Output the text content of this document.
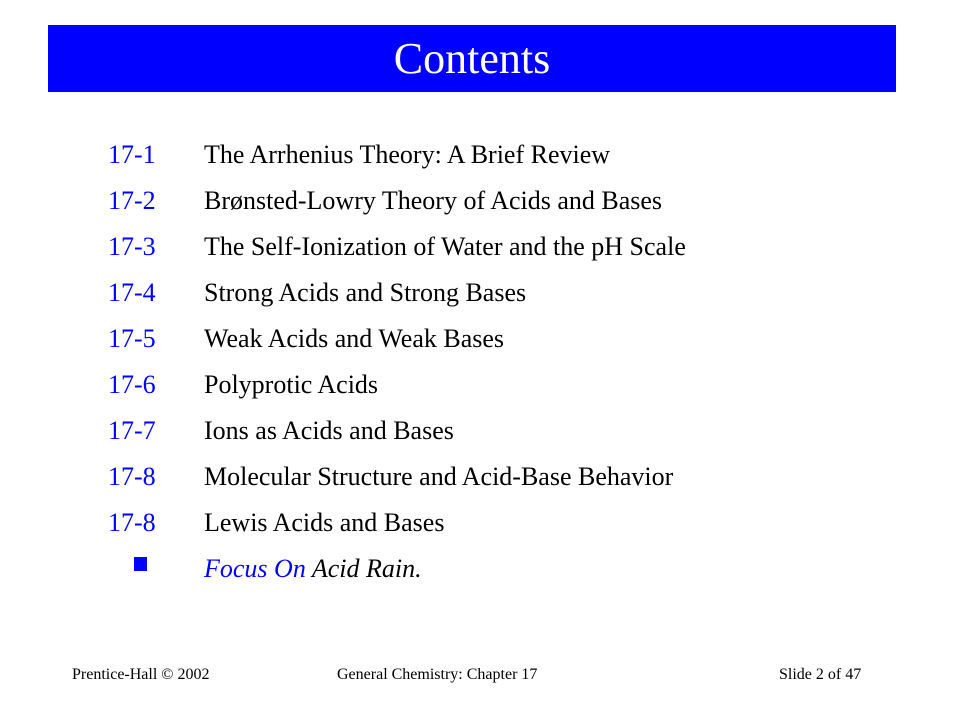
Contents
17-1 The Arrhenius Theory: A Brief Review
17-2 Brønsted-Lowry Theory of Acids and Bases
17-3 The Self-Ionization of Water and the pH Scale
17-4 Strong Acids and Strong Bases
17-5 Weak Acids and Weak Bases
17-6 Polyprotic Acids
17-7 Ions as Acids and Bases
17-8 Molecular Structure and Acid-Base Behavior
17-8 Lewis Acids and Bases
Focus On Acid Rain.
Prentice-Hall © 2002	General Chemistry: Chapter 17	Slide 2 of 47
